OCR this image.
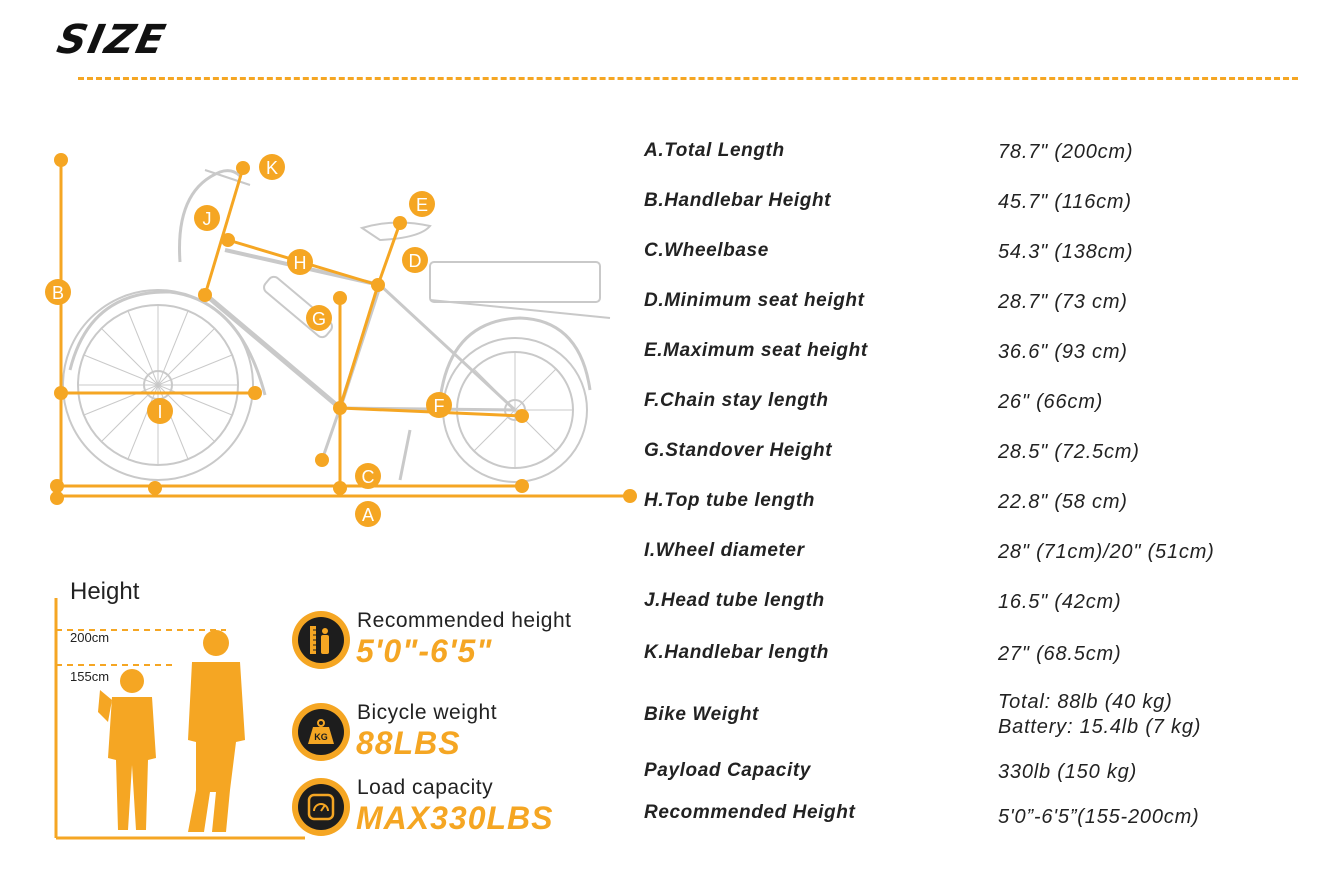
SIZE
A
B
C
D
E
F
G
H
I
J
K
A.Total Length	78.7" (200cm)
B.Handlebar Height	45.7" (116cm)
C.Wheelbase	54.3" (138cm)
D.Minimum seat height	28.7" (73 cm)
E.Maximum seat height	36.6" (93 cm)
F.Chain stay length	26" (66cm)
G.Standover Height	28.5" (72.5cm)
H.Top tube length	22.8" (58 cm)
I.Wheel diameter	28" (71cm)/20" (51cm)
J.Head tube length	16.5" (42cm)
K.Handlebar length	27" (68.5cm)
Bike Weight
Total: 88lb (40 kg)
Battery: 15.4lb (7 kg)
Payload Capacity	330lb (150 kg)
Recommended Height	5'0”-6'5”(155-200cm)
Height
200cm
155cm
Recommended height
5'0"-6'5"
KG
Bicycle weight
88LBS
Load capacity
MAX330LBS
